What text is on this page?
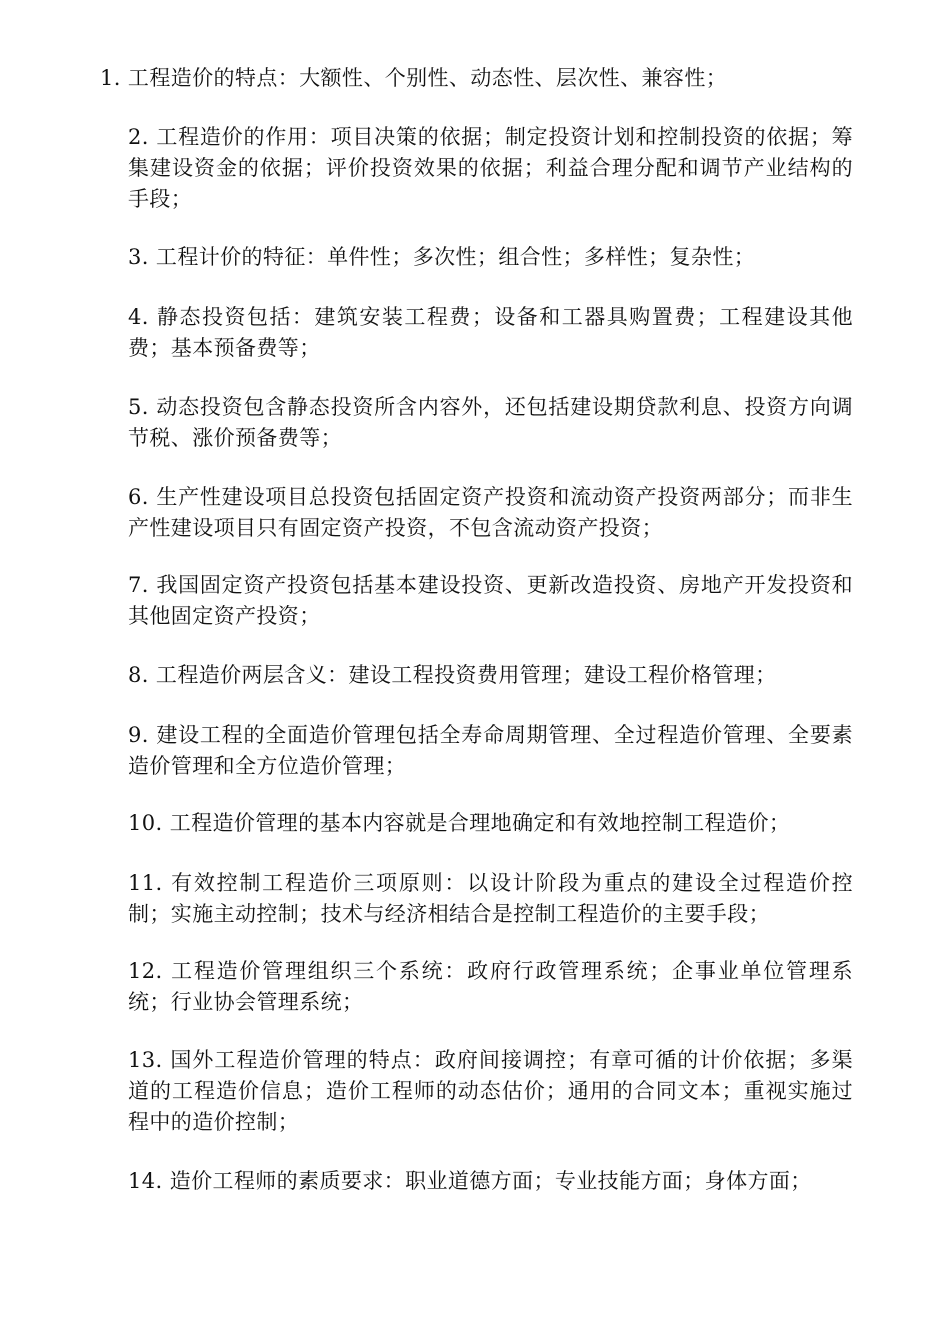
1. 工程造价的特点：大额性、个别性、动态性、层次性、兼容性；

2. 工程造价的作用：项目决策的依据；制定投资计划和控制投资的依据；筹集建设资金的依据；评价投资效果的依据；利益合理分配和调节产业结构的手段；

3. 工程计价的特征：单件性；多次性；组合性；多样性；复杂性；

4. 静态投资包括：建筑安装工程费；设备和工器具购置费；工程建设其他费；基本预备费等；

5. 动态投资包含静态投资所含内容外，还包括建设期贷款利息、投资方向调节税、涨价预备费等；

6. 生产性建设项目总投资包括固定资产投资和流动资产投资两部分；而非生产性建设项目只有固定资产投资，不包含流动资产投资；

7. 我国固定资产投资包括基本建设投资、更新改造投资、房地产开发投资和其他固定资产投资；

8. 工程造价两层含义：建设工程投资费用管理；建设工程价格管理；

9. 建设工程的全面造价管理包括全寿命周期管理、全过程造价管理、全要素造价管理和全方位造价管理；

10. 工程造价管理的基本内容就是合理地确定和有效地控制工程造价；

11. 有效控制工程造价三项原则：以设计阶段为重点的建设全过程造价控制；实施主动控制；技术与经济相结合是控制工程造价的主要手段；

12. 工程造价管理组织三个系统：政府行政管理系统；企事业单位管理系统；行业协会管理系统；

13. 国外工程造价管理的特点：政府间接调控；有章可循的计价依据；多渠道的工程造价信息；造价工程师的动态估价；通用的合同文本；重视实施过程中的造价控制；

14. 造价工程师的素质要求：职业道德方面；专业技能方面；身体方面；
